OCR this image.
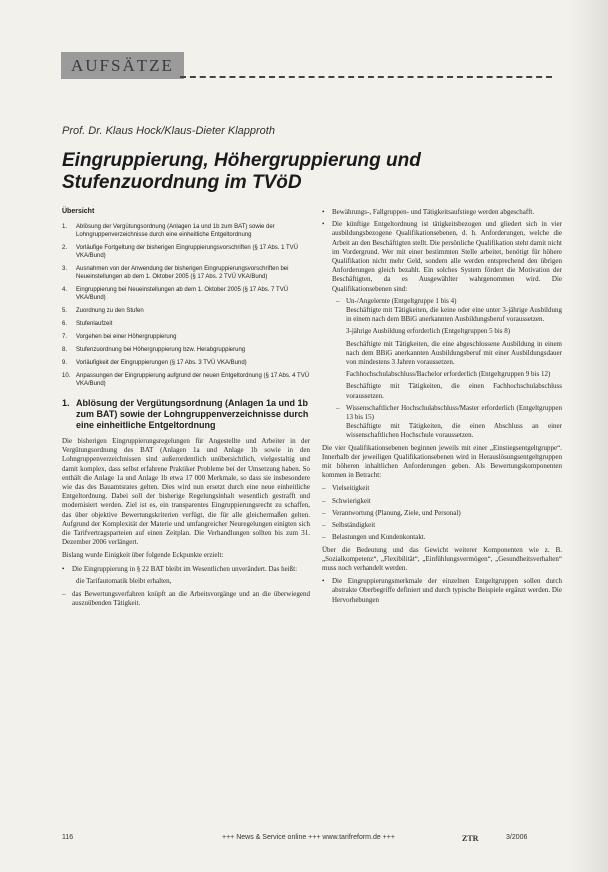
AUFSÄTZE
Prof. Dr. Klaus Hock/Klaus-Dieter Klapproth
Eingruppierung, Höhergruppierung und Stufenzuordnung im TVöD
Übersicht
1.	Ablösung der Vergütungsordnung (Anlagen 1a und 1b zum BAT) sowie der Lohngruppenverzeichnisse durch eine einheitliche Entgeltordnung
2.	Vorläufige Fortgeltung der bisherigen Eingruppierungsvorschriften (§ 17 Abs. 1 TVÜ VKA/Bund)
3.	Ausnahmen von der Anwendung der bisherigen Eingruppierungsvorschriften bei Neueinstellungen ab dem 1. Oktober 2005 (§ 17 Abs. 2 TVÜ VKA/Bund)
4.	Eingruppierung bei Neueinstellungen ab dem 1. Oktober 2005 (§ 17 Abs. 7 TVÜ VKA/Bund)
5.	Zuordnung zu den Stufen
6.	Stufenlaufzeit
7.	Vorgehen bei einer Höhergruppierung
8.	Stufenzuordnung bei Höhergruppierung bzw. Herabgruppierung
9.	Vorläufigkeit der Eingruppierungen (§ 17 Abs. 3 TVÜ VKA/Bund)
10. Anpassungen der Eingruppierung aufgrund der neuen Entgeltordnung (§ 17 Abs. 4 TVÜ VKA/Bund)
1. Ablösung der Vergütungsordnung (Anlagen 1a und 1b zum BAT) sowie der Lohngruppenverzeichnisse durch eine einheitliche Entgeltordnung

Die bisherigen Eingruppierungsregelungen für Angestellte und Arbeiter in der Vergütungsordnung des BAT (Anlagen 1a und Anlage 1b sowie in den Lohngruppenverzeichnissen sind außerordentlich unübersichtlich, vielgestaltig und damit komplex, dass selbst erfahrene Praktiker Probleme bei der Umsetzung haben. So enthält die Anlage 1a und Anlage 1b etwa 17 000 Merkmale, so dass sie insbesondere wie das des Bauamtsrates gelten. Dies wird nun ersetzt durch eine neue einheitliche Entgeltordnung. Dabei soll der bisherige Regelungsinhalt wesentlich gestrafft und modernisiert werden. Ziel ist es, ein transparentes Eingruppierungsrecht zu schaffen, das über objektive Bewertungskriterien verfügt, die für alle gleichermaßen gelten. Aufgrund der Komplexität der Materie und umfangreicher Neuregelungen einigten sich die Tarifvertragsparteien auf einen Zeitplan. Die Verhandlungen sollten bis zum 31. Dezember 2006 verlängert.

Bislang wurde Einigkeit über folgende Eckpunkte erzielt:

•	Die Eingruppierung in § 22 BAT bleibt im Wesentlichen unverändert. Das heißt:

die Tarifautomatik bleibt erhalten,

– das Bewertungsverfahren knüpft an die Arbeitsvorgänge und an die überwiegend auszuübenden Tätigkeit.
•	Bewährungs-, Fallgruppen- und Tätigkeitsaufstiege werden abgeschafft.
•	Die künftige Entgeltordnung ist tätigkeitsbezogen und gliedert sich in vier ausbildungsbezogene Qualifikationsebenen, d. h. Anforderungen, welche die Arbeit an den Beschäftigten stellt. Die persönliche Qualifikation steht damit nicht im Vordergrund. Wer mit einer bestimmten Stelle arbeitet, benötigt für höhere Qualifikation nicht mehr Geld, sondern alle werden entsprechend den übrigen Anforderungen gleich bezahlt. Ein solches System fördert die Motivation der Beschäftigten, da es Ausgewählter wahrgenommen wird. Die Qualifikationsebenen sind:
– Un-/Angelernte (Entgeltgruppe 1 bis 4)
Beschäftigte mit Tätigkeiten, die keine oder eine unter 3-jährige Ausbildung in einem nach dem BBiG anerkannten Ausbildungsberuf voraussetzen.
3-jährige Ausbildung erforderlich (Entgeltgruppen 5 bis 8)
Beschäftigte mit Tätigkeiten, die eine abgeschlossene Ausbildung in einem nach dem BBiG anerkannten Ausbildungsberuf mit einer Ausbildungsdauer von mindestens 3 Jahren voraussetzen.
Fachhochschulabschluss/Bachelor erforderlich (Entgeltgruppen 9 bis 12)
Beschäftigte mit Tätigkeiten, die einen Fachhochschulabschluss voraussetzen.
– Wissenschaftlicher Hochschulabschluss/Master erforderlich (Entgeltgruppen 13 bis 15)
Beschäftigte mit Tätigkeiten, die einen Abschluss an einer wissenschaftlichen Hochschule voraussetzen.

Die vier Qualifikationsebenen beginnen jeweils mit einer „Einstiegsentgeltgruppe“. Innerhalb der jeweiligen Qualifikationsebenen wird in Herauslösungsentgeltgruppen mit höheren inhaltlichen Anforderungen geben. Als Bewertungskomponenten kommen in Betracht:

– Vielseitigkeit
– Schwierigkeit
– Verantwortung (Planung, Ziele, und Personal)
– Selbständigkeit
– Belastungen und Kundenkontakt.

Über die Bedeutung und das Gewicht weiterer Komponenten wie z. B. „Sozialkompetenz“, „Flexibilität“, „Einfühlungsvermögen“, „Gesundheitsverhalten“ muss noch verhandelt werden.

•	Die Eingruppierungsmerkmale der einzelnen Entgeltgruppen sollen durch abstrakte Oberbegriffe definiert und durch typische Beispiele ergänzt werden. Die Hervorhebungen
116	+++ News & Service online +++ www.tarifreform.de +++	ZTR	3/2006
